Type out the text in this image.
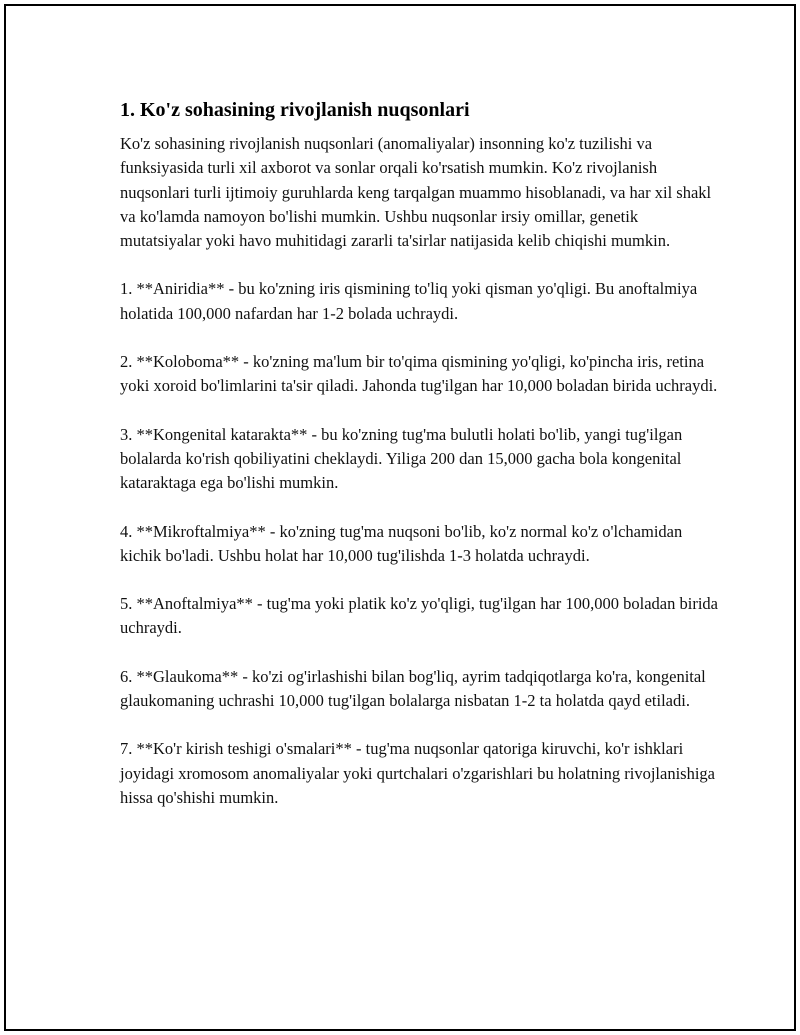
1. Ko'z sohasining rivojlanish nuqsonlari

Ko'z sohasining rivojlanish nuqsonlari (anomaliyalar) insonning ko'z tuzilishi va funksiyasida turli xil axborot va sonlar orqali ko'rsatish mumkin. Ko'z rivojlanish nuqsonlari turli ijtimoiy guruhlarda keng tarqalgan muammo hisoblanadi, va har xil shakl va ko'lamda namoyon bo'lishi mumkin. Ushbu nuqsonlar irsiy omillar, genetik mutatsiyalar yoki havo muhitidagi zararli ta'sirlar natijasida kelib chiqishi mumkin.

1. **Aniridia** - bu ko'zning iris qismining to'liq yoki qisman yo'qligi. Bu anoftalmiya holatida 100,000 nafardan har 1-2 bolada uchraydi.

2. **Koloboma** - ko'zning ma'lum bir to'qima qismining yo'qligi, ko'pincha iris, retina yoki xoroid bo'limlarini ta'sir qiladi. Jahonda tug'ilgan har 10,000 boladan birida uchraydi.

3. **Kongenital katarakta** - bu ko'zning tug'ma bulutli holati bo'lib, yangi tug'ilgan bolalarda ko'rish qobiliyatini cheklaydi. Yiliga 200 dan 15,000 gacha bola kongenital kataraktaga ega bo'lishi mumkin.

4. **Mikroftalmiya** - ko'zning tug'ma nuqsoni bo'lib, ko'z normal ko'z o'lchamidan kichik bo'ladi. Ushbu holat har 10,000 tug'ilishda 1-3 holatda uchraydi.

5. **Anoftalmiya** - tug'ma yoki platik ko'z yo'qligi, tug'ilgan har 100,000 boladan birida uchraydi.

6. **Glaukoma** - ko'zi og'irlashishi bilan bog'liq, ayrim tadqiqotlarga ko'ra, kongenital glaukomaning uchrashi 10,000 tug'ilgan bolalarga nisbatan 1-2 ta holatda qayd etiladi.

7. **Ko'r kirish teshigi o'smalari** - tug'ma nuqsonlar qatoriga kiruvchi, ko'r ishklari joyidagi xromosom anomaliyalar yoki qurtchalari o'zgarishlari bu holatning rivojlanishiga hissa qo'shishi mumkin.
